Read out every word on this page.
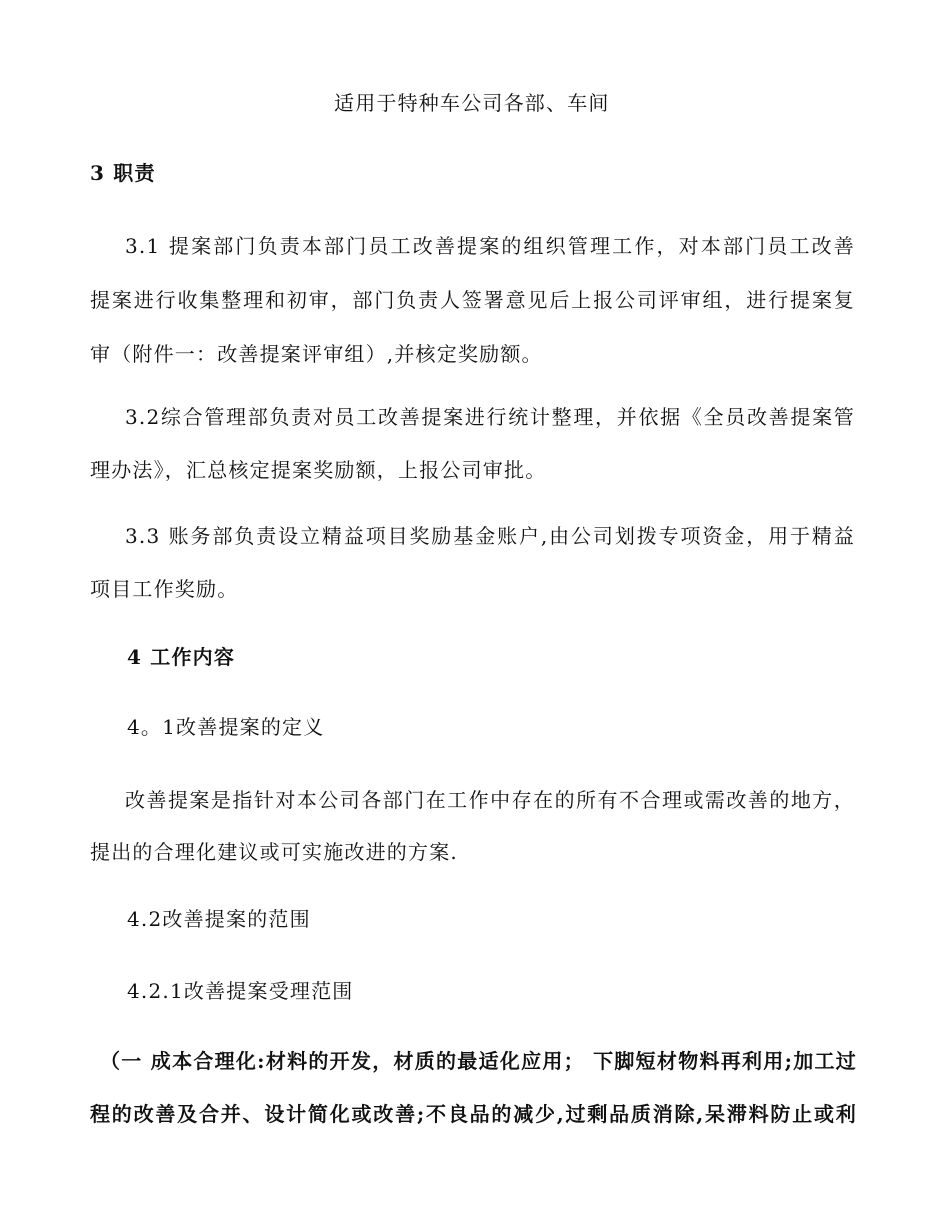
适用于特种车公司各部、车间
3 职责
3.1 提案部门负责本部门员工改善提案的组织管理工作，对本部门员工改善
提案进行收集整理和初审，部门负责人签署意见后上报公司评审组，进行提案复
审（附件一：改善提案评审组）,并核定奖励额。
3.2综合管理部负责对员工改善提案进行统计整理，并依据《全员改善提案管
理办法》，汇总核定提案奖励额，上报公司审批。
3.3 账务部负责设立精益项目奖励基金账户,由公司划拨专项资金，用于精益
项目工作奖励。
4 工作内容
4。1改善提案的定义
改善提案是指针对本公司各部门在工作中存在的所有不合理或需改善的地方，
提出的合理化建议或可实施改进的方案.
4.2改善提案的范围
4.2.1改善提案受理范围
（一 成本合理化:材料的开发，材质的最适化应用； 下脚短材物料再利用;加工过
程的改善及合并、设计简化或改善;不良品的减少,过剩品质消除,呆滞料防止或利
